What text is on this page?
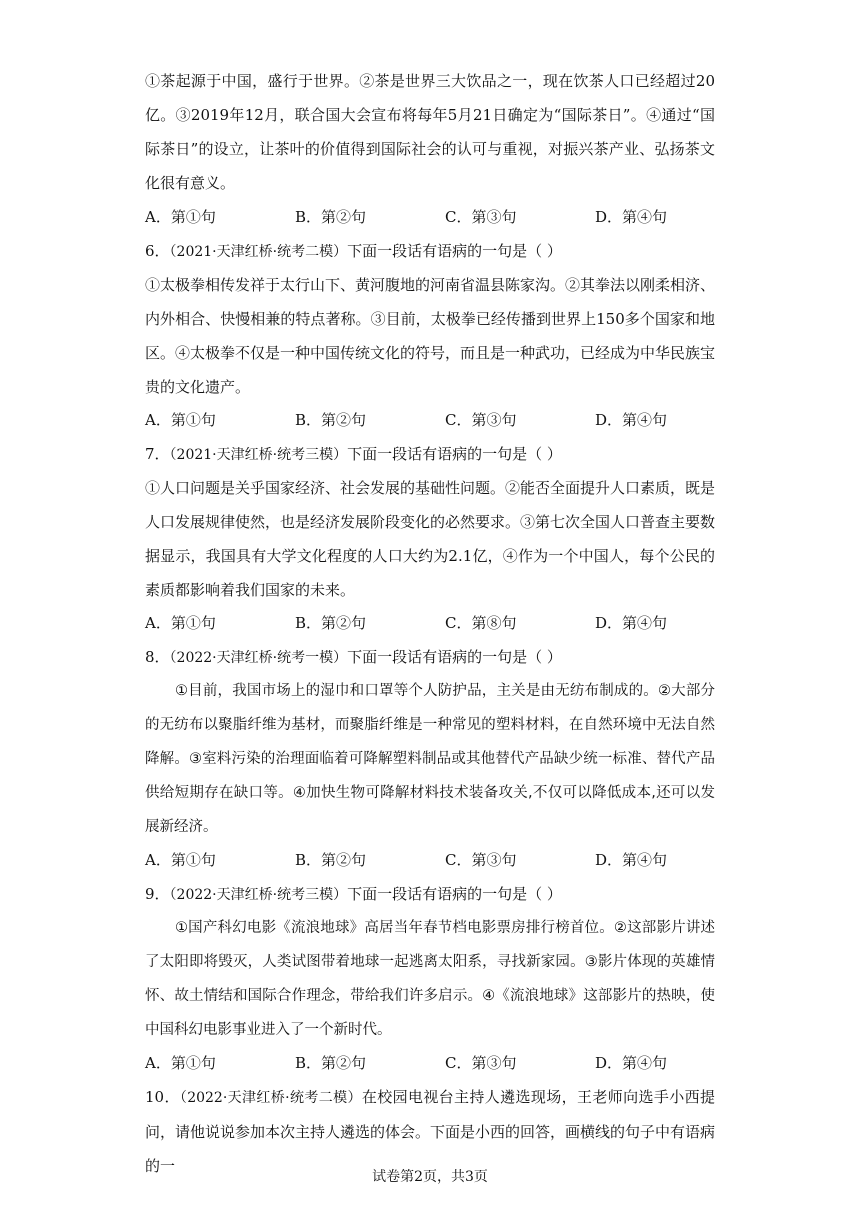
①茶起源于中国，盛行于世界。②茶是世界三大饮品之一，现在饮茶人口已经超过20亿。③2019年12月，联合国大会宣布将每年5月21日确定为“国际茶日”。④通过“国际茶日”的设立，让茶叶的价值得到国际社会的认可与重视，对振兴茶产业、弘扬茶文化很有意义。

A．第①句	B．第②句	C．第③句	D．第④句

6．（2021·天津红桥·统考二模）下面一段话有语病的一句是（ ）

①太极拳相传发祥于太行山下、黄河腹地的河南省温县陈家沟。②其拳法以刚柔相济、内外相合、快慢相兼的特点著称。③目前，太极拳已经传播到世界上150多个国家和地区。④太极拳不仅是一种中国传统文化的符号，而且是一种武功，已经成为中华民族宝贵的文化遗产。

A．第①句	B．第②句	C．第③句	D．第④句

7．（2021·天津红桥·统考三模）下面一段话有语病的一句是（ ）

①人口问题是关乎国家经济、社会发展的基础性问题。②能否全面提升人口素质，既是人口发展规律使然，也是经济发展阶段变化的必然要求。③第七次全国人口普查主要数据显示，我国具有大学文化程度的人口大约为2.1亿，④作为一个中国人，每个公民的素质都影响着我们国家的未来。

A．第①句	B．第②句	C．第⑧句	D．第④句

8．（2022·天津红桥·统考一模）下面一段话有语病的一句是（ ）

①目前，我国市场上的湿巾和口罩等个人防护品，主关是由无纺布制成的。②大部分的无纺布以聚脂纤维为基材，而聚脂纤维是一种常见的塑料材料，在自然环境中无法自然降解。③室料污染的治理面临着可降解塑料制品或其他替代产品缺少统一标准、替代产品供给短期存在缺口等。④加快生物可降解材料技术装备攻关,不仅可以降低成本,还可以发展新经济。

A．第①句	B．第②句	C．第③句	D．第④句

9．（2022·天津红桥·统考三模）下面一段话有语病的一句是（ ）

①国产科幻电影《流浪地球》高居当年春节档电影票房排行榜首位。②这部影片讲述了太阳即将毁灭，人类试图带着地球一起逃离太阳系，寻找新家园。③影片体现的英雄情怀、故土情结和国际合作理念，带给我们许多启示。④《流浪地球》这部影片的热映，使中国科幻电影事业进入了一个新时代。

A．第①句	B．第②句	C．第③句	D．第④句

10．（2022·天津红桥·统考二模）在校园电视台主持人遴选现场，王老师向选手小西提问，请他说说参加本次主持人遴选的体会。下面是小西的回答，画横线的句子中有语病的一

试卷第2页，共3页
